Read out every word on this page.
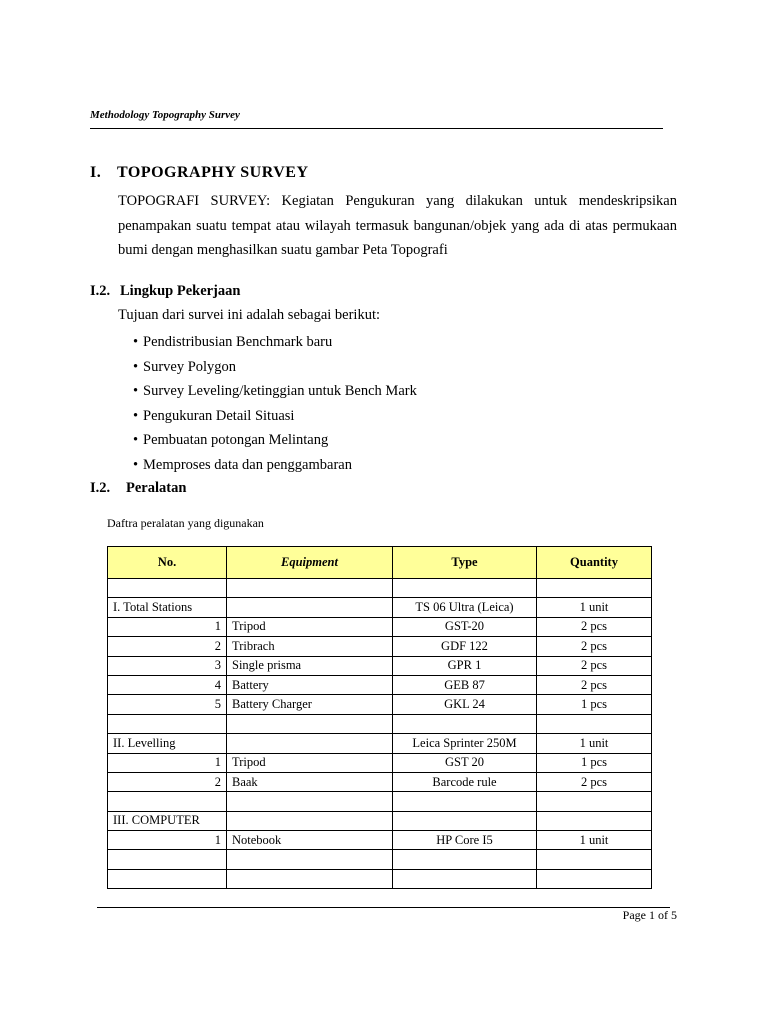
Methodology Topography Survey
I. TOPOGRAPHY SURVEY
TOPOGRAFI SURVEY: Kegiatan Pengukuran yang dilakukan untuk mendeskripsikan penampakan suatu tempat atau wilayah termasuk bangunan/objek yang ada di atas permukaan bumi dengan menghasilkan suatu gambar Peta Topografi
I.2. Lingkup Pekerjaan
Tujuan dari survei ini adalah sebagai berikut:
• Pendistribusian Benchmark baru
• Survey Polygon
• Survey Leveling/ketinggian untuk Bench Mark
• Pengukuran Detail Situasi
• Pembuatan potongan Melintang
• Memproses data dan penggambaran
I.2. Peralatan
Daftra peralatan yang digunakan
No.	Equipment	Type	Quantity

I. Total Stations		TS 06 Ultra (Leica)	1 unit
1	Tripod	GST-20	2 pcs
2	Tribrach	GDF 122	2 pcs
3	Single prisma	GPR 1	2 pcs
4	Battery	GEB 87	2 pcs
5	Battery Charger	GKL 24	1 pcs

II. Levelling		Leica Sprinter 250M	1 unit
1	Tripod	GST 20	1 pcs
2	Baak	Barcode rule	2 pcs

III. COMPUTER			
1	Notebook	HP Core I5	1 unit

Page 1 of 5
